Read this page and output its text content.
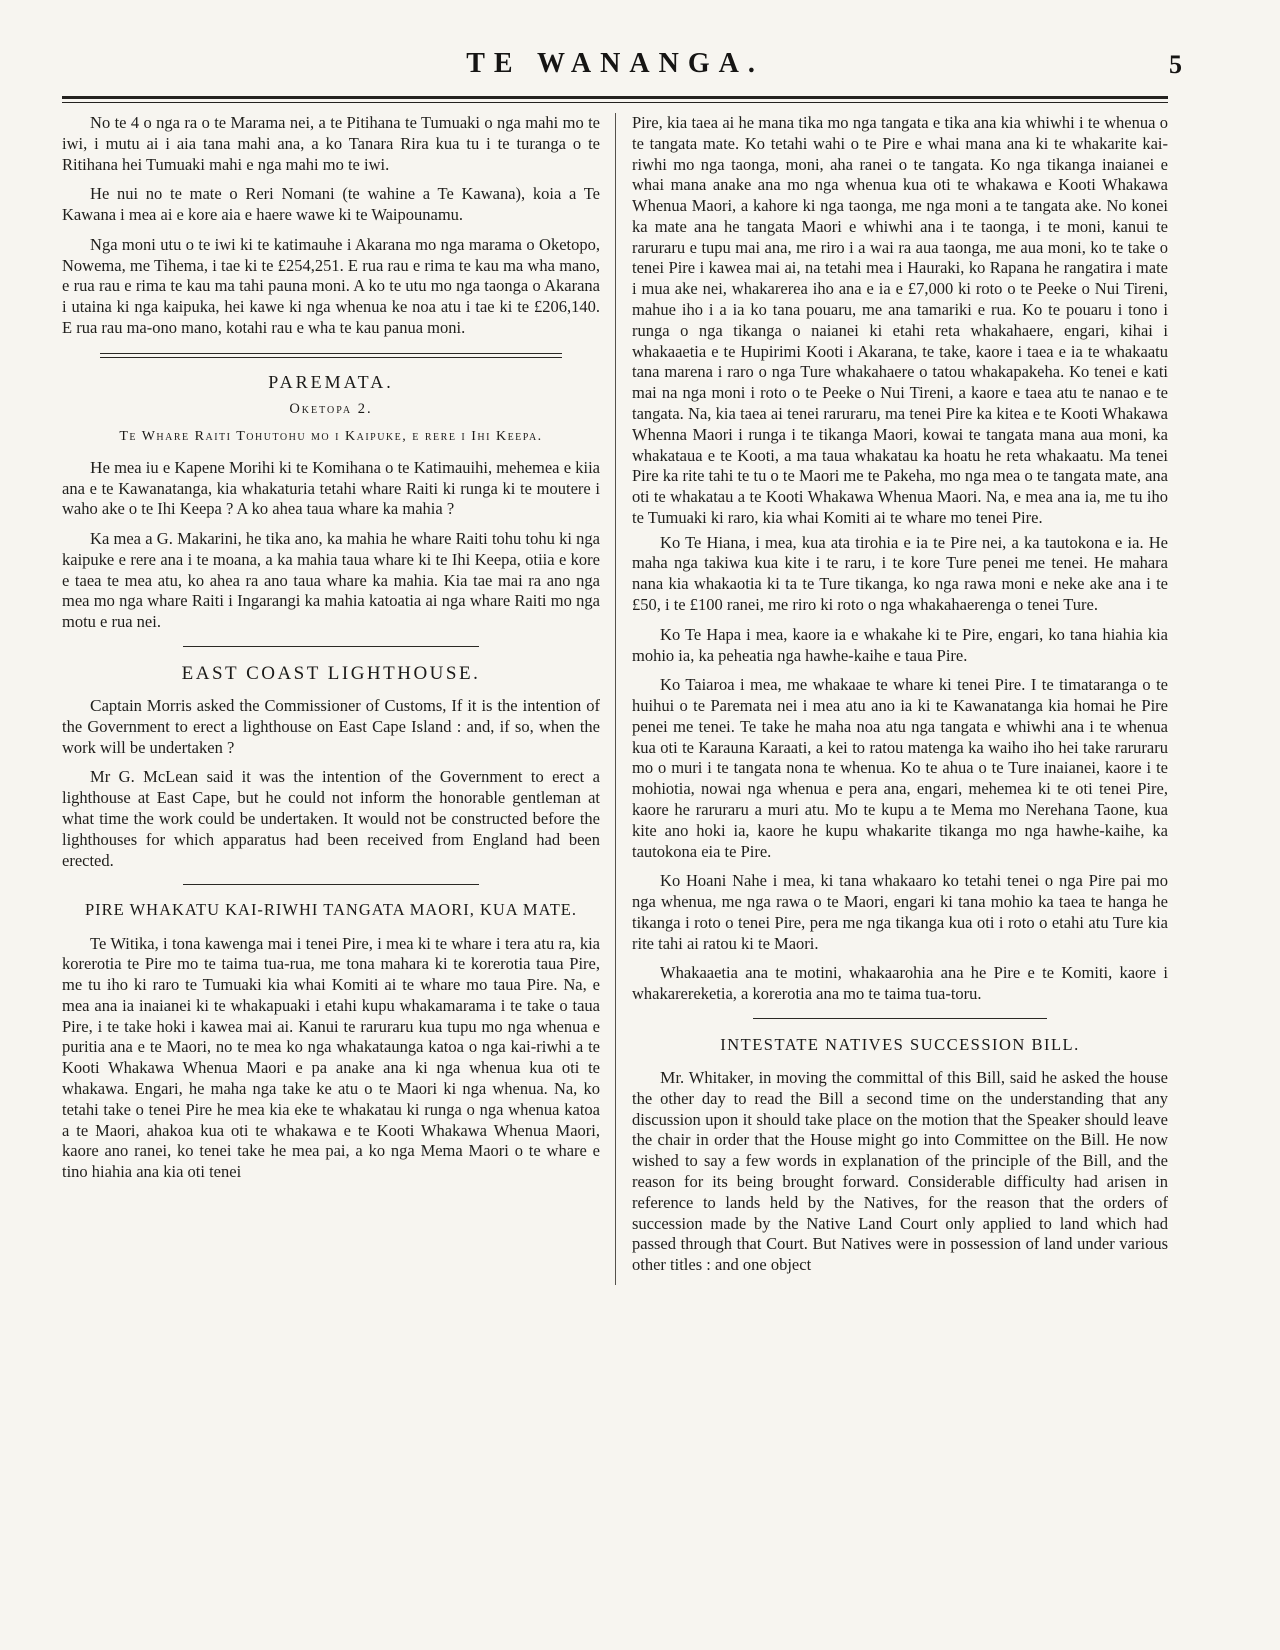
TE WANANGA.	5

No te 4 o nga ra o te Marama nei, a te Pitihana te Tumuaki o nga mahi mo te iwi, i mutu ai i aia tana mahi ana, a ko Tanara Rira kua tu i te turanga o te Ritihana hei Tumuaki mahi e nga mahi mo te iwi.

He nui no te mate o Reri Nomani (te wahine a Te Kawana), koia a Te Kawana i mea ai e kore aia e haere wawe ki te Waipounamu.

Nga moni utu o te iwi ki te katimauhe i Akarana mo nga marama o Oketopo, Nowema, me Tihema, i tae ki te £254,251. E rua rau e rima te kau ma wha mano, e rua rau e rima te kau ma tahi pauna moni. A ko te utu mo nga taonga o Akarana i utaina ki nga kaipuka, hei kawe ki nga whenua ke noa atu i tae ki te £206,140. E rua rau ma-ono mano, kotahi rau e wha te kau panua moni.

PAREMATA.
Oketopa 2.
Te Whare Raiti Tohutohu mo i Kaipuke, e rere i Ihi Keepa.

He mea iu e Kapene Morihi ki te Komihana o te Katimauihi, mehemea e kiia ana e te Kawanatanga, kia whakaturia tetahi whare Raiti ki runga ki te moutere i waho ake o te Ihi Keepa ? A ko ahea taua whare ka mahia ?

Ka mea a G. Makarini, he tika ano, ka mahia he whare Raiti tohu tohu ki nga kaipuke e rere ana i te moana, a ka mahia taua whare ki te Ihi Keepa, otiia e kore e taea te mea atu, ko ahea ra ano taua whare ka mahia. Kia tae mai ra ano nga mea mo nga whare Raiti i Ingarangi ka mahia katoatia ai nga whare Raiti mo nga motu e rua nei.

EAST COAST LIGHTHOUSE.

Captain Morris asked the Commissioner of Customs, If it is the intention of the Government to erect a lighthouse on East Cape Island : and, if so, when the work will be undertaken ?

Mr G. McLean said it was the intention of the Government to erect a lighthouse at East Cape, but he could not inform the honorable gentleman at what time the work could be undertaken. It would not be constructed before the lighthouses for which apparatus had been received from England had been erected.

PIRE WHAKATU KAI-RIWHI TANGATA MAORI, KUA MATE.

Te Witika, i tona kawenga mai i tenei Pire, i mea ki te whare i tera atu ra, kia korerotia te Pire mo te taima tua-rua, me tona mahara ki te korerotia taua Pire, me tu iho ki raro te Tumuaki kia whai Komiti ai te whare mo taua Pire. Na, e mea ana ia inaianei ki te whakapuaki i etahi kupu whakamarama i te take o taua Pire, i te take hoki i kawea mai ai. Kanui te raruraru kua tupu mo nga whenua e puritia ana e te Maori, no te mea ko nga whakataunga katoa o nga kai-riwhi a te Kooti Whakawa Whenua Maori e pa anake ana ki nga whenua kua oti te whakawa. Engari, he maha nga take ke atu o te Maori ki nga whenua. Na, ko tetahi take o tenei Pire he mea kia eke te whakatau ki runga o nga whenua katoa a te Maori, ahakoa kua oti te whakawa e te Kooti Whakawa Whenua Maori, kaore ano ranei, ko tenei take he mea pai, a ko nga Mema Maori o te whare e tino hiahia ana kia oti tenei

Pire, kia taea ai he mana tika mo nga tangata e tika ana kia whiwhi i te whenua o te tangata mate. Ko tetahi wahi o te Pire e whai mana ana ki te whakarite kai-riwhi mo nga taonga, moni, aha ranei o te tangata. Ko nga tikanga inaianei e whai mana anake ana mo nga whenua kua oti te whakawa e Kooti Whakawa Whenua Maori, a kahore ki nga taonga, me nga moni a te tangata ake. No konei ka mate ana he tangata Maori e whiwhi ana i te taonga, i te moni, kanui te raruraru e tupu mai ana, me riro i a wai ra aua taonga, me aua moni, ko te take o tenei Pire i kawea mai ai, na tetahi mea i Hauraki, ko Rapana he rangatira i mate i mua ake nei, whakarerea iho ana e ia e £7,000 ki roto o te Peeke o Nui Tireni, mahue iho i a ia ko tana pouaru, me ana tamariki e rua. Ko te pouaru i tono i runga o nga tikanga o naianei ki etahi reta whakahaere, engari, kihai i whakaaetia e te Hupirimi Kooti i Akarana, te take, kaore i taea e ia te whakaatu tana marena i raro o nga Ture whakahaere o tatou whakapakeha. Ko tenei e kati mai na nga moni i roto o te Peeke o Nui Tireni, a kaore e taea atu te nanao e te tangata. Na, kia taea ai tenei raruraru, ma tenei Pire ka kitea e te Kooti Whakawa Whenna Maori i runga i te tikanga Maori, kowai te tangata mana aua moni, ka whakataua e te Kooti, a ma taua whakatau ka hoatu he reta whakaatu. Ma tenei Pire ka rite tahi te tu o te Maori me te Pakeha, mo nga mea o te tangata mate, ana oti te whakatau a te Kooti Whakawa Whenua Maori. Na, e mea ana ia, me tu iho te Tumuaki ki raro, kia whai Komiti ai te whare mo tenei Pire.

Ko Te Hiana, i mea, kua ata tirohia e ia te Pire nei, a ka tautokona e ia. He maha nga takiwa kua kite i te raru, i te kore Ture penei me tenei. He mahara nana kia whakaotia ki ta te Ture tikanga, ko nga rawa moni e neke ake ana i te £50, i te £100 ranei, me riro ki roto o nga whakahaerenga o tenei Ture.

Ko Te Hapa i mea, kaore ia e whakahe ki te Pire, engari, ko tana hiahia kia mohio ia, ka peheatia nga hawhe-kaihe e taua Pire.

Ko Taiaroa i mea, me whakaae te whare ki tenei Pire. I te timataranga o te huihui o te Paremata nei i mea atu ano ia ki te Kawanatanga kia homai he Pire penei me tenei. Te take he maha noa atu nga tangata e whiwhi ana i te whenua kua oti te Karauna Karaati, a kei to ratou matenga ka waiho iho hei take raruraru mo o muri i te tangata nona te whenua. Ko te ahua o te Ture inaianei, kaore i te mohiotia, nowai nga whenua e pera ana, engari, mehemea ki te oti tenei Pire, kaore he raruraru a muri atu. Mo te kupu a te Mema mo Nerehana Taone, kua kite ano hoki ia, kaore he kupu whakarite tikanga mo nga hawhe-kaihe, ka tautokona eia te Pire.

Ko Hoani Nahe i mea, ki tana whakaaro ko tetahi tenei o nga Pire pai mo nga whenua, me nga rawa o te Maori, engari ki tana mohio ka taea te hanga he tikanga i roto o tenei Pire, pera me nga tikanga kua oti i roto o etahi atu Ture kia rite tahi ai ratou ki te Maori.

Whakaaetia ana te motini, whakaarohia ana he Pire e te Komiti, kaore i whakarereketia, a korerotia ana mo te taima tua-toru.

INTESTATE NATIVES SUCCESSION BILL.

Mr. Whitaker, in moving the committal of this Bill, said he asked the house the other day to read the Bill a second time on the understanding that any discussion upon it should take place on the motion that the Speaker should leave the chair in order that the House might go into Committee on the Bill. He now wished to say a few words in explanation of the principle of the Bill, and the reason for its being brought forward. Considerable difficulty had arisen in reference to lands held by the Natives, for the reason that the orders of succession made by the Native Land Court only applied to land which had passed through that Court. But Natives were in possession of land under various other titles : and one object
